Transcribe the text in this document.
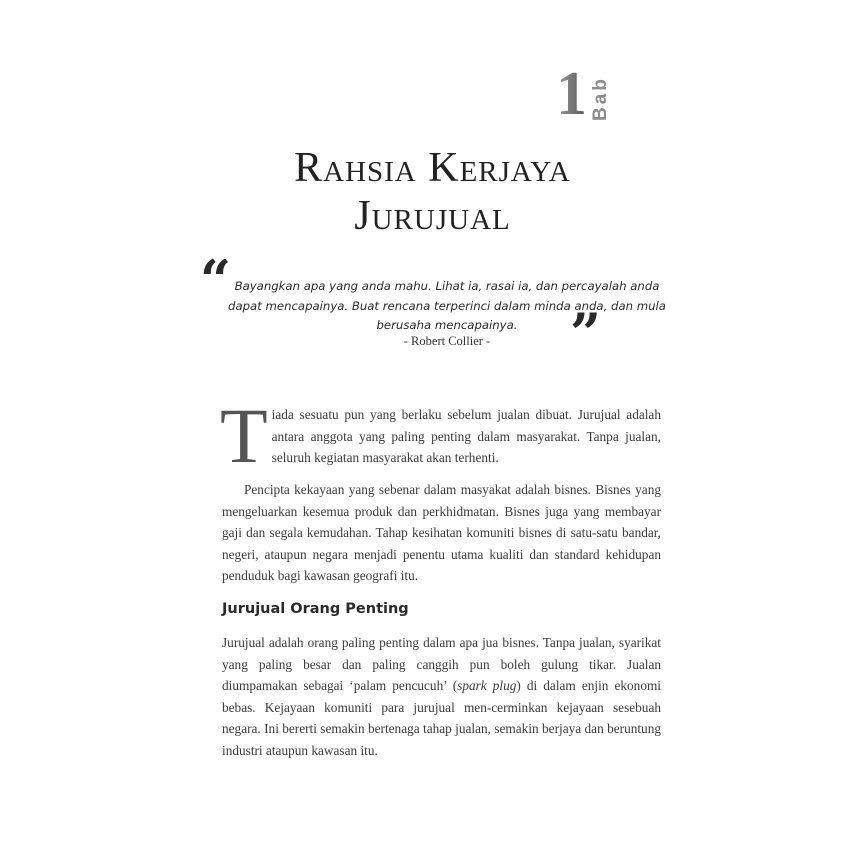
1 Bab
Rahsia Kerjaya
Jurujual
“ Bayangkan apa yang anda mahu. Lihat ia, rasai ia, dan percayalah anda dapat mencapainya. Buat rencana terperinci dalam minda anda, dan mula berusaha mencapainya. ”
- Robert Collier -
Tiada sesuatu pun yang berlaku sebelum jualan dibuat. Jurujual adalah antara anggota yang paling penting dalam masyarakat. Tanpa jualan, seluruh kegiatan masyarakat akan terhenti.
Pencipta kekayaan yang sebenar dalam masyakat adalah bisnes. Bisnes yang mengeluarkan kesemua produk dan perkhidmatan. Bisnes juga yang membayar gaji dan segala kemudahan. Tahap kesihatan komuniti bisnes di satu-satu bandar, negeri, ataupun negara menjadi penentu utama kualiti dan standard kehidupan penduduk bagi kawasan geografi itu.
Jurujual Orang Penting
Jurujual adalah orang paling penting dalam apa jua bisnes. Tanpa jualan, syarikat yang paling besar dan paling canggih pun boleh gulung tikar. Jualan diumpamakan sebagai ‘palam pencucuh’ (spark plug) di dalam enjin ekonomi bebas. Kejayaan komuniti para jurujual men-cerminkan kejayaan sesebuah negara. Ini bererti semakin bertenaga tahap jualan, semakin berjaya dan beruntung industri ataupun kawasan itu.
